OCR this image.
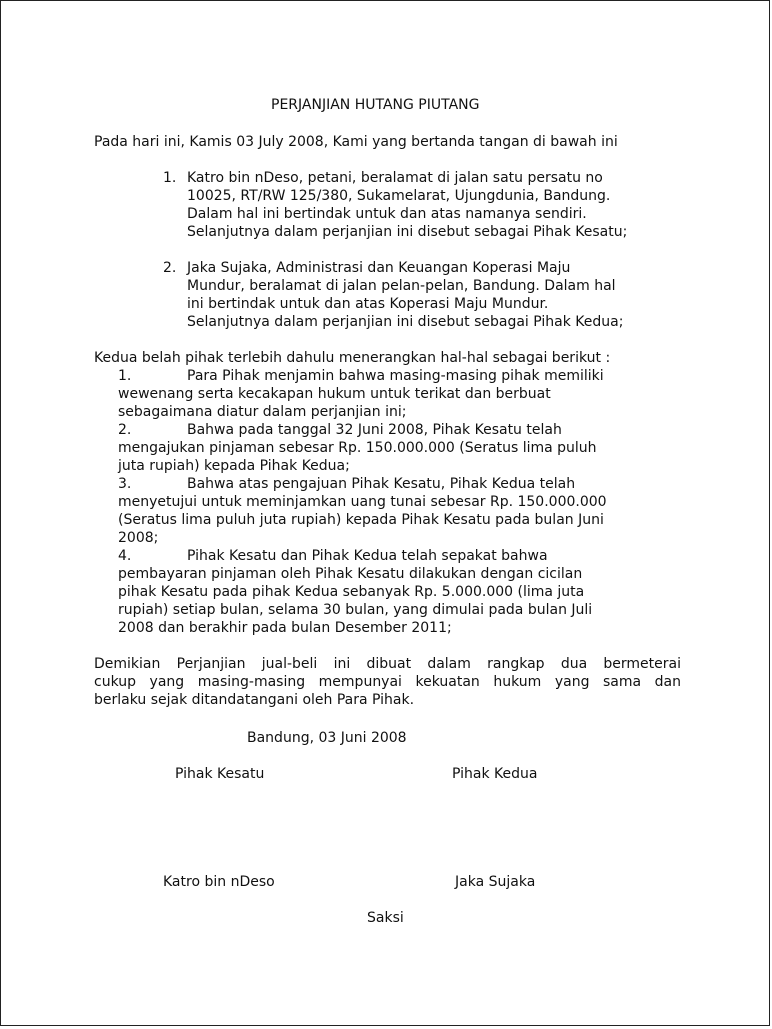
PERJANJIAN HUTANG PIUTANG
Pada hari ini, Kamis 03 July 2008, Kami yang bertanda tangan di bawah ini
1. Katro bin nDeso, petani, beralamat di jalan satu persatu no
10025, RT/RW 125/380, Sukamelarat, Ujungdunia, Bandung.
Dalam hal ini bertindak untuk dan atas namanya sendiri.
Selanjutnya dalam perjanjian ini disebut sebagai Pihak Kesatu;
2. Jaka Sujaka, Administrasi dan Keuangan Koperasi Maju
Mundur, beralamat di jalan pelan-pelan, Bandung. Dalam hal
ini bertindak untuk dan atas Koperasi Maju Mundur.
Selanjutnya dalam perjanjian ini disebut sebagai Pihak Kedua;
Kedua belah pihak terlebih dahulu menerangkan hal-hal sebagai berikut :
1.	Para Pihak menjamin bahwa masing-masing pihak memiliki
wewenang serta kecakapan hukum untuk terikat dan berbuat
sebagaimana diatur dalam perjanjian ini;
2.	Bahwa pada tanggal 32 Juni 2008, Pihak Kesatu telah
mengajukan pinjaman sebesar Rp. 150.000.000 (Seratus lima puluh
juta rupiah) kepada Pihak Kedua;
3.	Bahwa atas pengajuan Pihak Kesatu, Pihak Kedua telah
menyetujui untuk meminjamkan uang tunai sebesar Rp. 150.000.000
(Seratus lima puluh juta rupiah) kepada Pihak Kesatu pada bulan Juni
2008;
4.	Pihak Kesatu dan Pihak Kedua telah sepakat bahwa
pembayaran pinjaman oleh Pihak Kesatu dilakukan dengan cicilan
pihak Kesatu pada pihak Kedua sebanyak Rp. 5.000.000 (lima juta
rupiah) setiap bulan, selama 30 bulan, yang dimulai pada bulan Juli
2008 dan berakhir pada bulan Desember 2011;
Demikian Perjanjian jual-beli ini dibuat dalam rangkap dua bermeterai
cukup yang masing-masing mempunyai kekuatan hukum yang sama dan
berlaku sejak ditandatangani oleh Para Pihak.
Bandung, 03 Juni 2008
Pihak Kesatu	Pihak Kedua
Katro bin nDeso	Jaka Sujaka
Saksi
